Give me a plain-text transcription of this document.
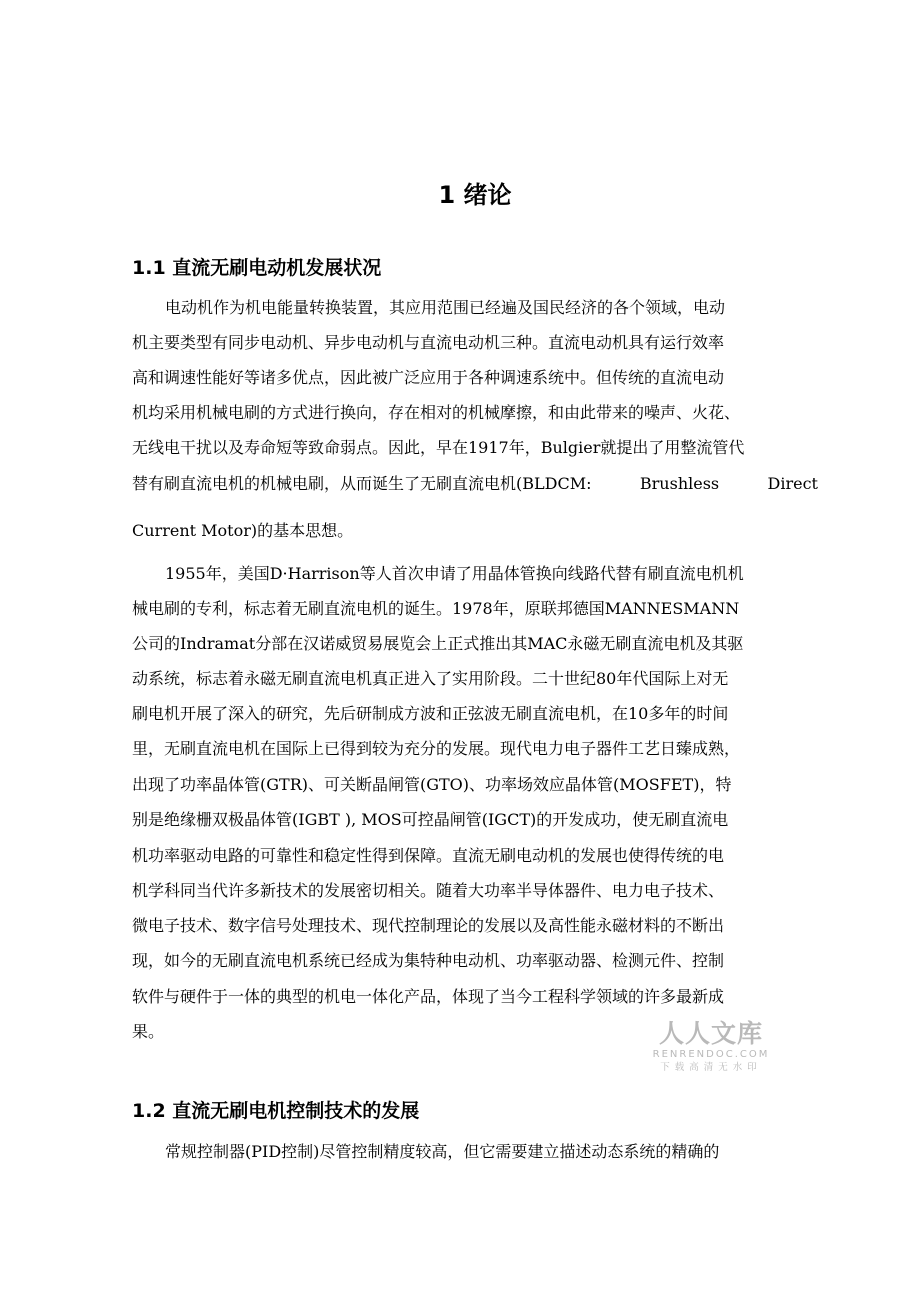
1 绪论
1.1 直流无刷电动机发展状况
电动机作为机电能量转换装置，其应用范围已经遍及国民经济的各个领域，电动
机主要类型有同步电动机、异步电动机与直流电动机三种。直流电动机具有运行效率
高和调速性能好等诸多优点，因此被广泛应用于各种调速系统中。但传统的直流电动
机均采用机械电刷的方式进行换向，存在相对的机械摩擦，和由此带来的噪声、火花、
无线电干扰以及寿命短等致命弱点。因此，早在1917年，Bulgier就提出了用整流管代
替有刷直流电机的机械电刷，从而诞生了无刷直流电机(BLDCM:	Brushless	Direct
Current Motor)的基本思想。
1955年，美国D·Harrison等人首次申请了用晶体管换向线路代替有刷直流电机机
械电刷的专利，标志着无刷直流电机的诞生。1978年，原联邦德国MANNESMANN
公司的Indramat分部在汉诺威贸易展览会上正式推出其MAC永磁无刷直流电机及其驱
动系统，标志着永磁无刷直流电机真正进入了实用阶段。二十世纪80年代国际上对无
刷电机开展了深入的研究，先后研制成方波和正弦波无刷直流电机，在10多年的时间
里，无刷直流电机在国际上已得到较为充分的发展。现代电力电子器件工艺日臻成熟，
出现了功率晶体管(GTR)、可关断晶闸管(GTO)、功率场效应晶体管(MOSFET)，特
别是绝缘栅双极晶体管(IGBT ), MOS可控晶闸管(IGCT)的开发成功，使无刷直流电
机功率驱动电路的可靠性和稳定性得到保障。直流无刷电动机的发展也使得传统的电
机学科同当代许多新技术的发展密切相关。随着大功率半导体器件、电力电子技术、
微电子技术、数字信号处理技术、现代控制理论的发展以及高性能永磁材料的不断出
现，如今的无刷直流电机系统已经成为集特种电动机、功率驱动器、检测元件、控制
软件与硬件于一体的典型的机电一体化产品，体现了当今工程科学领域的许多最新成
果。	人人文库
RENRENDOC.COM
下载高清无水印
1.2 直流无刷电机控制技术的发展
常规控制器(PID控制)尽管控制精度较高，但它需要建立描述动态系统的精确的
